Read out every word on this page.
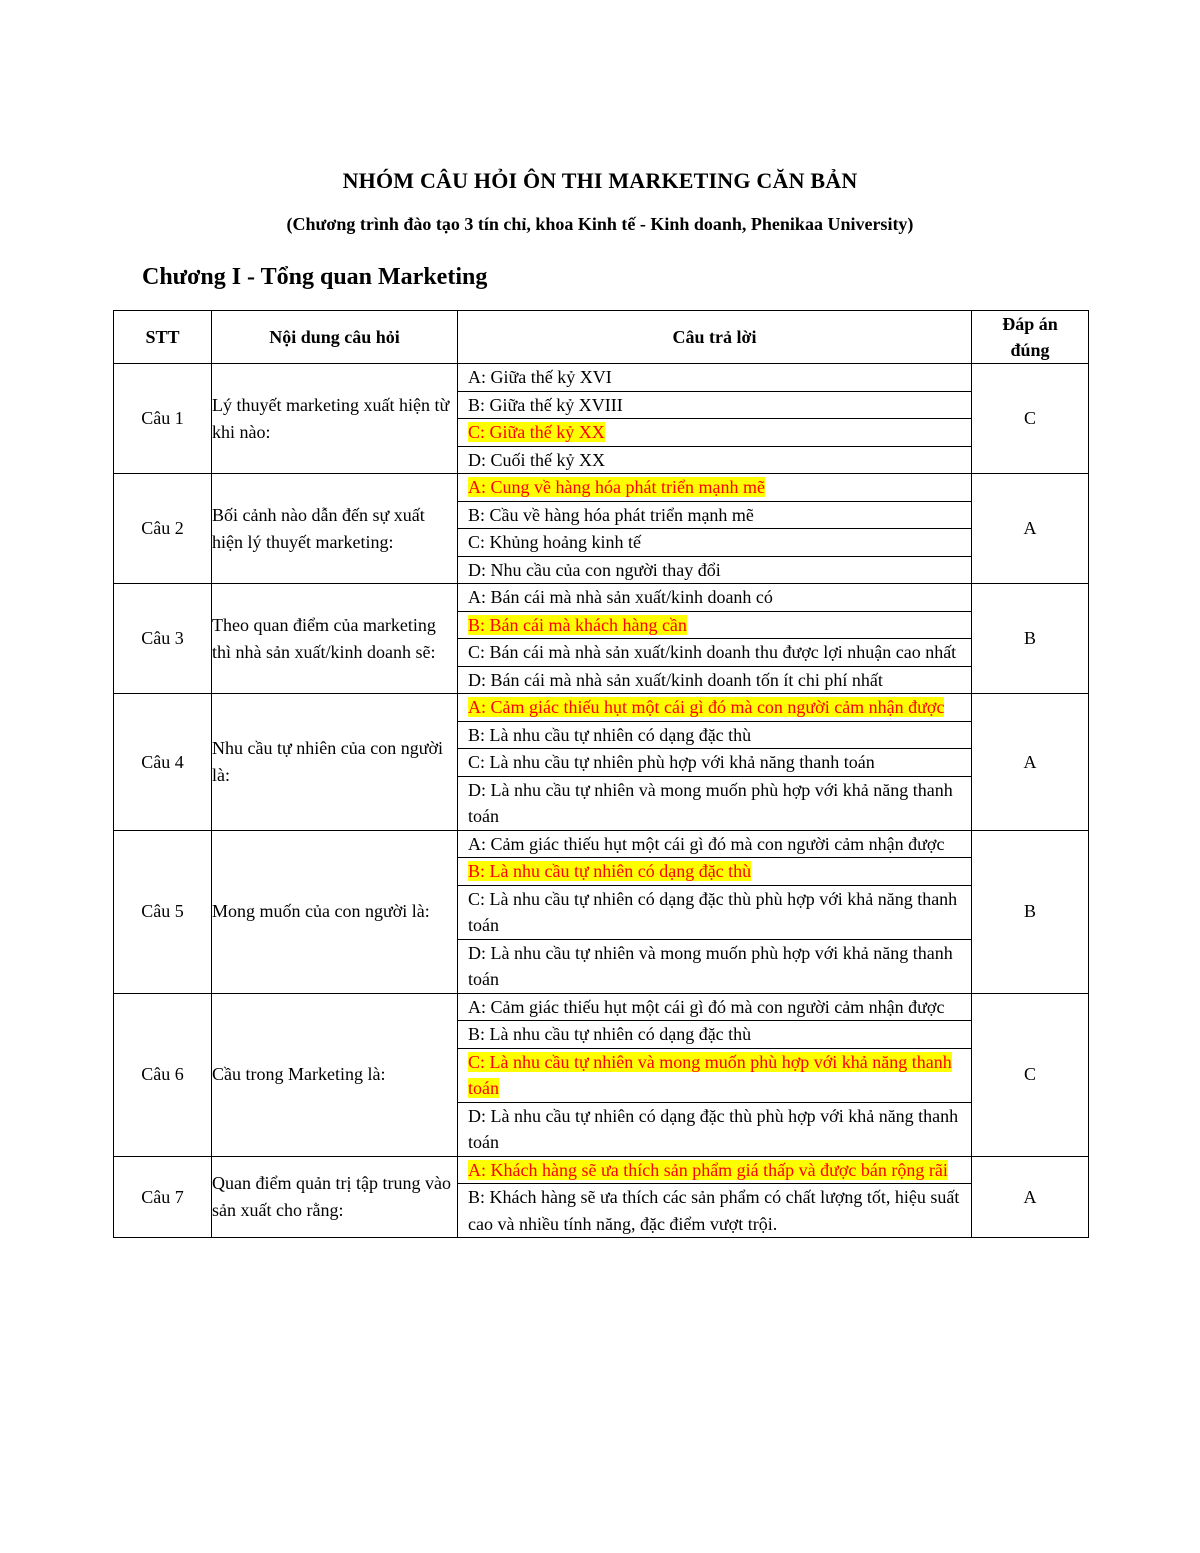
NHÓM CÂU HỎI ÔN THI MARKETING CĂN BẢN
(Chương trình đào tạo 3 tín chỉ, khoa Kinh tế - Kinh doanh, Phenikaa University)
Chương I - Tổng quan Marketing
STT	Nội dung câu hỏi	Câu trả lời	Đáp án
đúng
Câu 1	Lý thuyết marketing xuất hiện từ khi nào:	A: Giữa thế kỷ XVI
B: Giữa thế kỷ XVIII
C: Giữa thế kỷ XX
D: Cuối thế kỷ XX	C
Câu 2	Bối cảnh nào dẫn đến sự xuất hiện lý thuyết marketing:	A: Cung về hàng hóa phát triển mạnh mẽ
B: Cầu về hàng hóa phát triển mạnh mẽ
C: Khủng hoảng kinh tế
D: Nhu cầu của con người thay đổi	A
Câu 3	Theo quan điểm của marketing thì nhà sản xuất/kinh doanh sẽ:	A: Bán cái mà nhà sản xuất/kinh doanh có
B: Bán cái mà khách hàng cần
C: Bán cái mà nhà sản xuất/kinh doanh thu được lợi nhuận cao nhất
D: Bán cái mà nhà sản xuất/kinh doanh tốn ít chi phí nhất	B
Câu 4	Nhu cầu tự nhiên của con người là:	A: Cảm giác thiếu hụt một cái gì đó mà con người cảm nhận được
B: Là nhu cầu tự nhiên có dạng đặc thù
C: Là nhu cầu tự nhiên phù hợp với khả năng thanh toán
D: Là nhu cầu tự nhiên và mong muốn phù hợp với khả năng thanh toán	A
Câu 5	Mong muốn của con người là:	A: Cảm giác thiếu hụt một cái gì đó mà con người cảm nhận được
B: Là nhu cầu tự nhiên có dạng đặc thù
C: Là nhu cầu tự nhiên có dạng đặc thù phù hợp với khả năng thanh toán
D: Là nhu cầu tự nhiên và mong muốn phù hợp với khả năng thanh toán	B
Câu 6	Cầu trong Marketing là:	A: Cảm giác thiếu hụt một cái gì đó mà con người cảm nhận được
B: Là nhu cầu tự nhiên có dạng đặc thù
C: Là nhu cầu tự nhiên và mong muốn phù hợp với khả năng thanh toán
D: Là nhu cầu tự nhiên có dạng đặc thù phù hợp với khả năng thanh toán	C
Câu 7	Quan điểm quản trị tập trung vào sản xuất cho rằng:	A: Khách hàng sẽ ưa thích sản phẩm giá thấp và được bán rộng rãi
B: Khách hàng sẽ ưa thích các sản phẩm có chất lượng tốt, hiệu suất cao và nhiều tính năng, đặc điểm vượt trội.	A
